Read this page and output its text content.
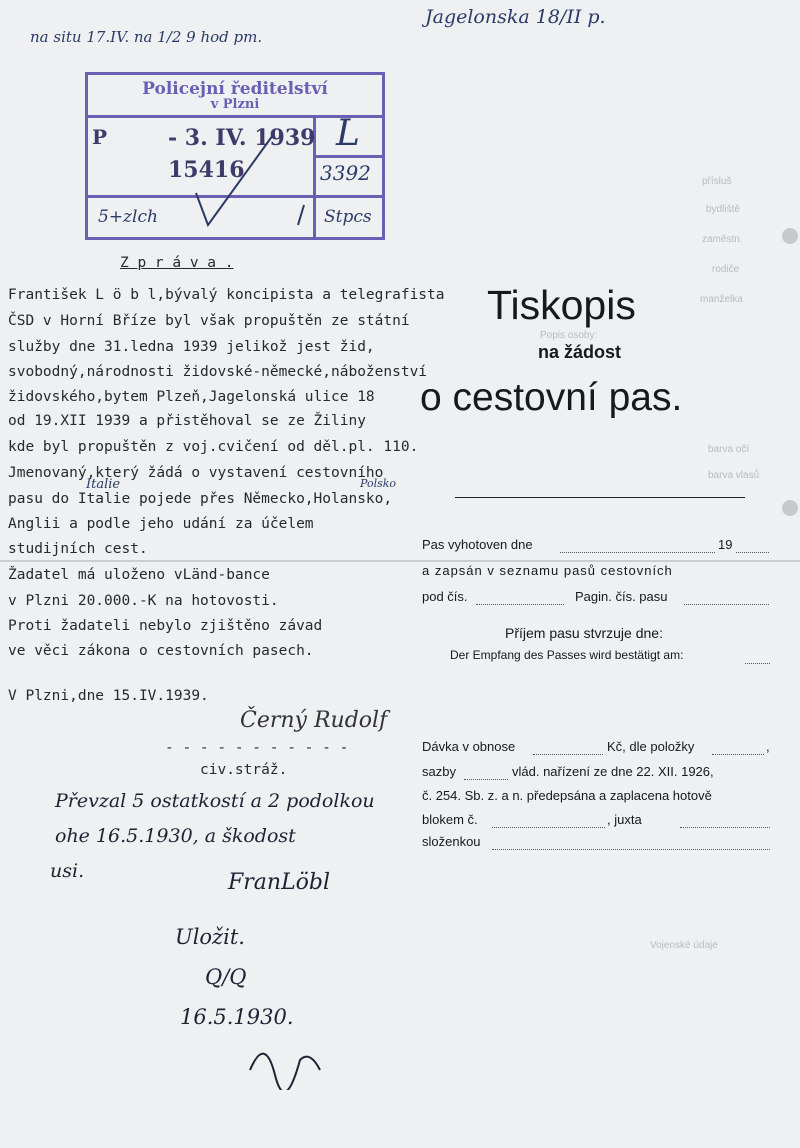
přísluš
bydliště
zaměstn.
rodiče
manželka
Popis osoby:
barva očí
barva vlasů
Vojenské údaje
na situ 17.IV. na 1/2 9 hod pm.
Jagelonska 18/II p.
Policejní ředitelství
v Plzni
P	- 3. IV. 1939
15416
L
3392
5+zlch	Stpcs
Z p r á v a .
František L ö b l,bývalý koncipista a telegrafista
ČSD v Horní Bříze byl však propuštěn ze státní
služby dne 31.ledna 1939 jelikož jest žid,
svobodný,národnosti židovské-německé,náboženství
židovského,bytem Plzeň,Jagelonská ulice 18
od 19.XII 1939 a přistěhoval se ze Žiliny
kde byl propuštěn z voj.cvičení od děl.pl. 110.
Jmenovaný,který žádá o vystavení cestovního
pasu do Italie pojede přes Německo,Holansko,
Anglii a podle jeho udání za účelem
studijních cest.
Žadatel má uloženo vLänd-bance
v Plzni 20.000.-K na hotovosti.
Proti žadateli nebylo zjištěno závad
ve věci zákona o cestovních pasech.
Italie	Polsko
V Plzni,dne 15.IV.1939.
- - - - - - - - - - -
civ.stráž.
Černý Rudolf
Převzal 5 ostatkostí a 2 podolkou
ohe 16.5.1930, a škodost
usi.	FranLöbl
Uložit.
Q/Q
16.5.1930.
Tiskopis
na žádost
o cestovní pas.
Pas vyhotoven dne	19
a zapsán v seznamu pasů cestovních
pod čís.	Pagin. čís. pasu
Příjem pasu stvrzuje dne:
Der Empfang des Passes wird bestätigt am:
Dávka v obnose	Kč, dle položky	,
sazby	vlád. nařízení ze dne 22. XII. 1926,
č. 254. Sb. z. a n. předepsána a zaplacena hotově
blokem č.	, juxta
složenkou
